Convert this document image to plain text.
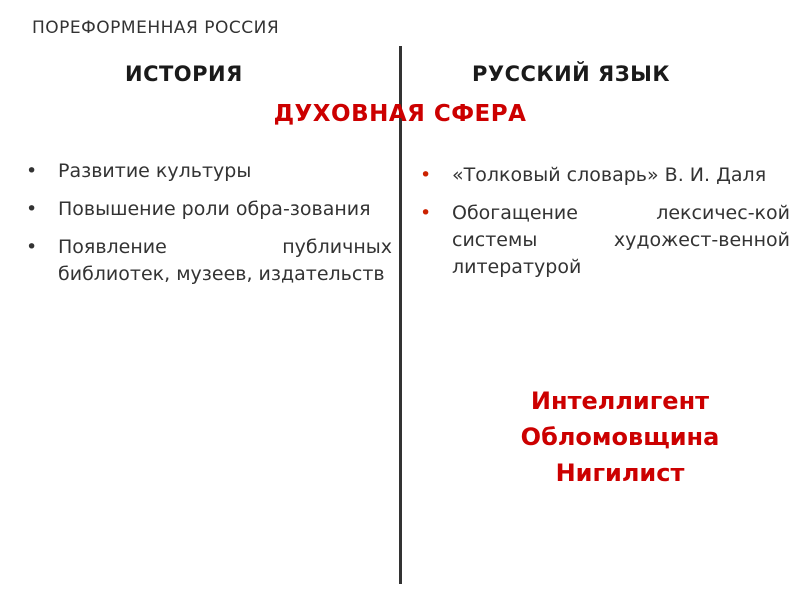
ПОРЕФОРМЕННАЯ РОССИЯ
ИСТОРИЯ	РУССКИЙ ЯЗЫК
ДУХОВНАЯ СФЕРА
• Развитие культуры
• Повышение роли обра-зования
• Появление публичных библиотек, музеев, издательств
• «Толковый словарь» В. И. Даля
• Обогащение лексичес-кой системы художест-венной литературой
Интеллигент
Обломовщина
Нигилист
